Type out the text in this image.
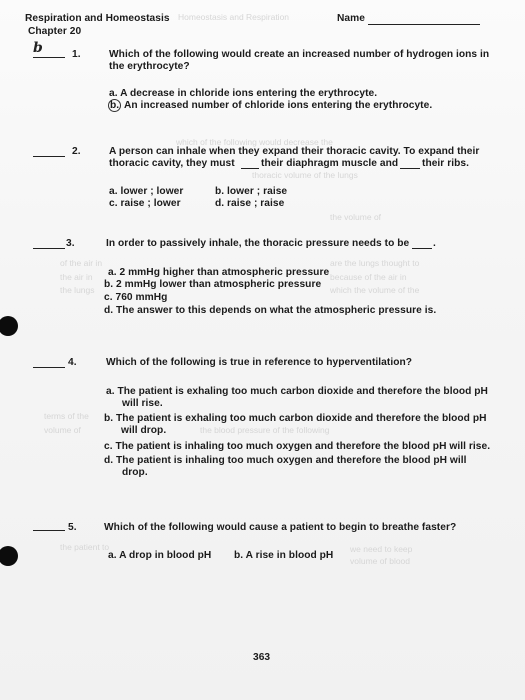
Homeostasis and Respiration
which of the following would decrease the
thoracic volume of the lungs
the volume of
of the air in
the air in
the lungs
are the lungs thought to
because of the air in
which the volume of the
terms of the
volume of	the blood pressure of the following
the patient to	we need to keep
volume of blood
Respiration and Homeostasis
Chapter 20
Name
b	1.	Which of the following would create an increased number of hydrogen ions in
the erythrocyte?
a. A decrease in chloride ions entering the erythrocyte.
b. An increased number of chloride ions entering the erythrocyte.
2.	A person can inhale when they expand their thoracic cavity. To expand their
thoracic cavity, they must	their diaphragm muscle and their ribs.
a. lower ; lower	b. lower ; raise
c. raise ; lower	d. raise ; raise
3.	In order to passively inhale, the thoracic pressure needs to be .
a. 2 mmHg higher than atmospheric pressure
b. 2 mmHg lower than atmospheric pressure
c. 760 mmHg
d. The answer to this depends on what the atmospheric pressure is.
4.	Which of the following is true in reference to hyperventilation?
a. The patient is exhaling too much carbon dioxide and therefore the blood pH
will rise.
b. The patient is exhaling too much carbon dioxide and therefore the blood pH
will drop.
c. The patient is inhaling too much oxygen and therefore the blood pH will rise.
d. The patient is inhaling too much oxygen and therefore the blood pH will
drop.
5.	Which of the following would cause a patient to begin to breathe faster?
a. A drop in blood pH b. A rise in blood pH
363
